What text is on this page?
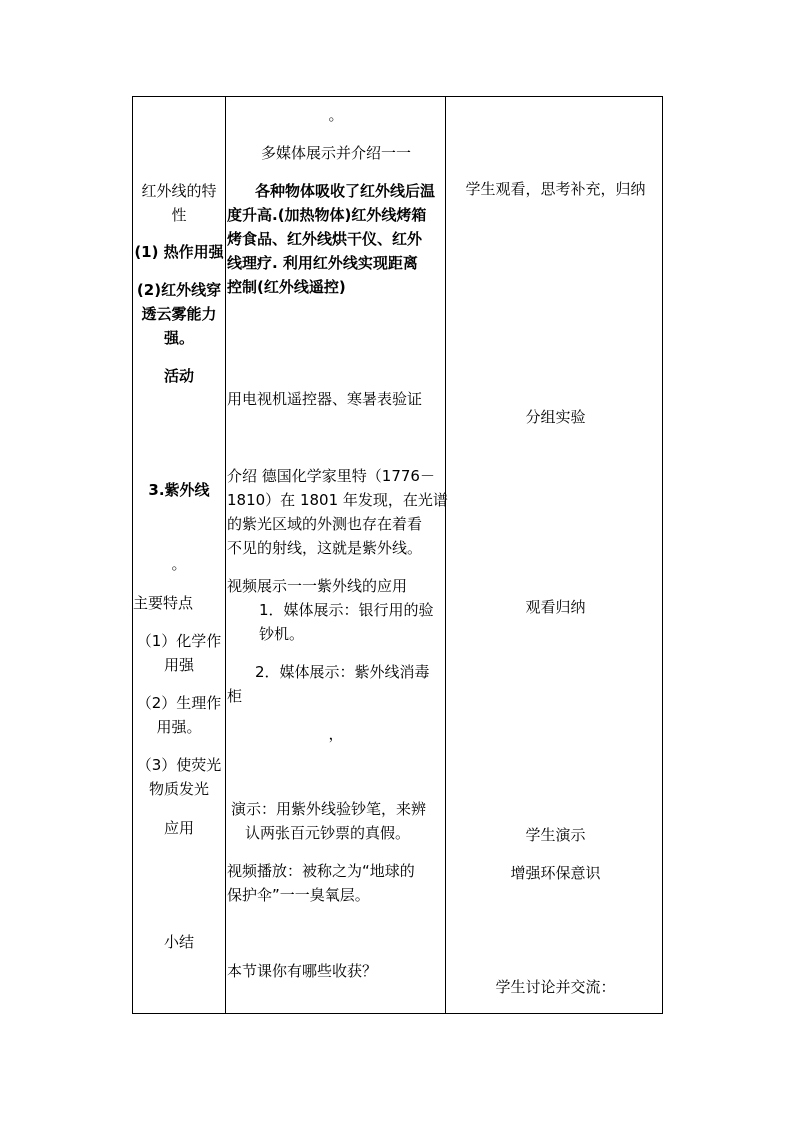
红外线的特
性
(1) 热作用强
(2)红外线穿
透云雾能力
强。
活动
3.紫外线
。
主要特点
（1）化学作
用强
（2）生理作
用强。
（3）使荧光
物质发光
应用
小结
。
多媒体展示并介绍一一
各种物体吸收了红外线后温
度升高.(加热物体)红外线烤箱
烤食品、红外线烘干仪、红外
线理疗. 利用红外线实现距离
控制(红外线遥控)
用电视机遥控器、寒暑表验证
介绍 德国化学家里特（1776－
1810）在 1801 年发现，在光谱
的紫光区域的外测也存在着看
不见的射线，这就是紫外线。
视频展示一一紫外线的应用
1．媒体展示：银行用的验
钞机。
2．媒体展示：紫外线消毒
柜
，
演示：用紫外线验钞笔，来辨
认两张百元钞票的真假。
视频播放：被称之为“地球的
保护伞”一一臭氧层。
本节课你有哪些收获？
学生观看，思考补充，归纳
分组实验
观看归纳
学生演示
增强环保意识
学生讨论并交流：
